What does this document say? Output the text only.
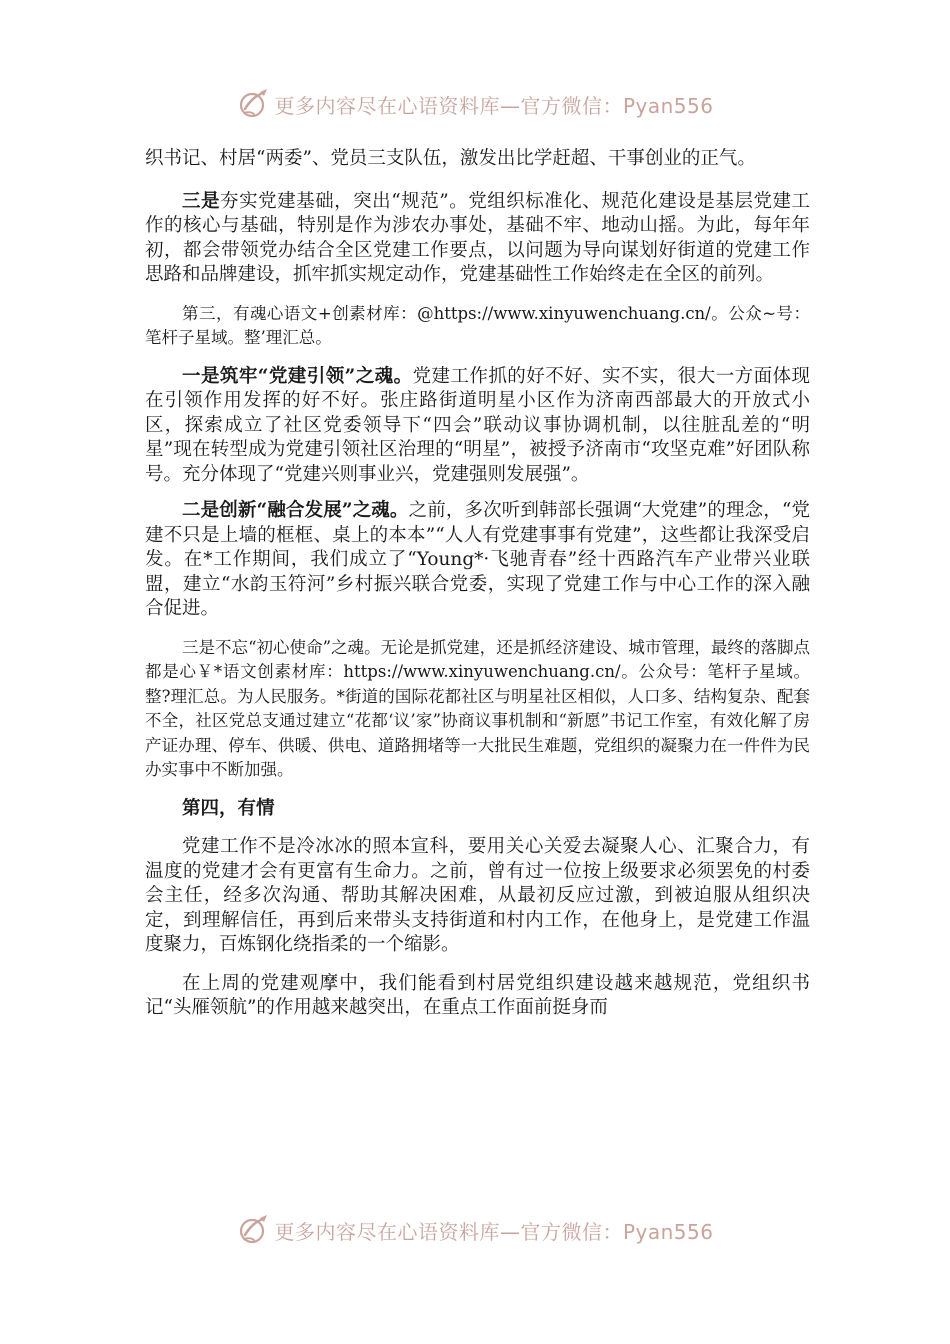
更多内容尽在心语资料库—官方微信：Pyan556

织书记、村居“两委”、党员三支队伍，激发出比学赶超、干事创业的正气。

三是夯实党建基础，突出“规范”。党组织标准化、规范化建设是基层党建工作的核心与基础，特别是作为涉农办事处，基础不牢、地动山摇。为此，每年年初，都会带领党办结合全区党建工作要点，以问题为导向谋划好街道的党建工作思路和品牌建设，抓牢抓实规定动作，党建基础性工作始终走在全区的前列。

第三，有魂心语文+创素材库：@https://www.xinyuwenchuang.cn/。公众~号：笔杆子星域。整’理汇总。

一是筑牢“党建引领”之魂。党建工作抓的好不好、实不实，很大一方面体现在引领作用发挥的好不好。张庄路街道明星小区作为济南西部最大的开放式小区，探索成立了社区党委领导下“四会”联动议事协调机制，以往脏乱差的“明星”现在转型成为党建引领社区治理的“明星”，被授予济南市“攻坚克难”好团队称号。充分体现了“党建兴则事业兴，党建强则发展强”。

二是创新“融合发展”之魂。之前，多次听到韩部长强调“大党建”的理念，“党建不只是上墙的框框、桌上的本本”“人人有党建事事有党建”，这些都让我深受启发。在*工作期间，我们成立了“Young*·飞驰青春”经十西路汽车产业带兴业联盟，建立“水韵玉符河”乡村振兴联合党委，实现了党建工作与中心工作的深入融合促进。

三是不忘“初心使命”之魂。无论是抓党建，还是抓经济建设、城市管理，最终的落脚点都是心￥*语文创素材库：https://www.xinyuwenchuang.cn/。公众号：笔杆子星域。整?理汇总。为人民服务。*街道的国际花都社区与明星社区相似，人口多、结构复杂、配套不全，社区党总支通过建立“花都‘议’家”协商议事机制和“新愿”书记工作室，有效化解了房产证办理、停车、供暖、供电、道路拥堵等一大批民生难题，党组织的凝聚力在一件件为民办实事中不断加强。

第四，有情

党建工作不是冷冰冰的照本宣科，要用关心关爱去凝聚人心、汇聚合力，有温度的党建才会有更富有生命力。之前，曾有过一位按上级要求必须罢免的村委会主任，经多次沟通、帮助其解决困难，从最初反应过激，到被迫服从组织决定，到理解信任，再到后来带头支持街道和村内工作，在他身上，是党建工作温度聚力，百炼钢化绕指柔的一个缩影。

在上周的党建观摩中，我们能看到村居党组织建设越来越规范，党组织书记“头雁领航”的作用越来越突出，在重点工作面前挺身而

更多内容尽在心语资料库—官方微信：Pyan556
